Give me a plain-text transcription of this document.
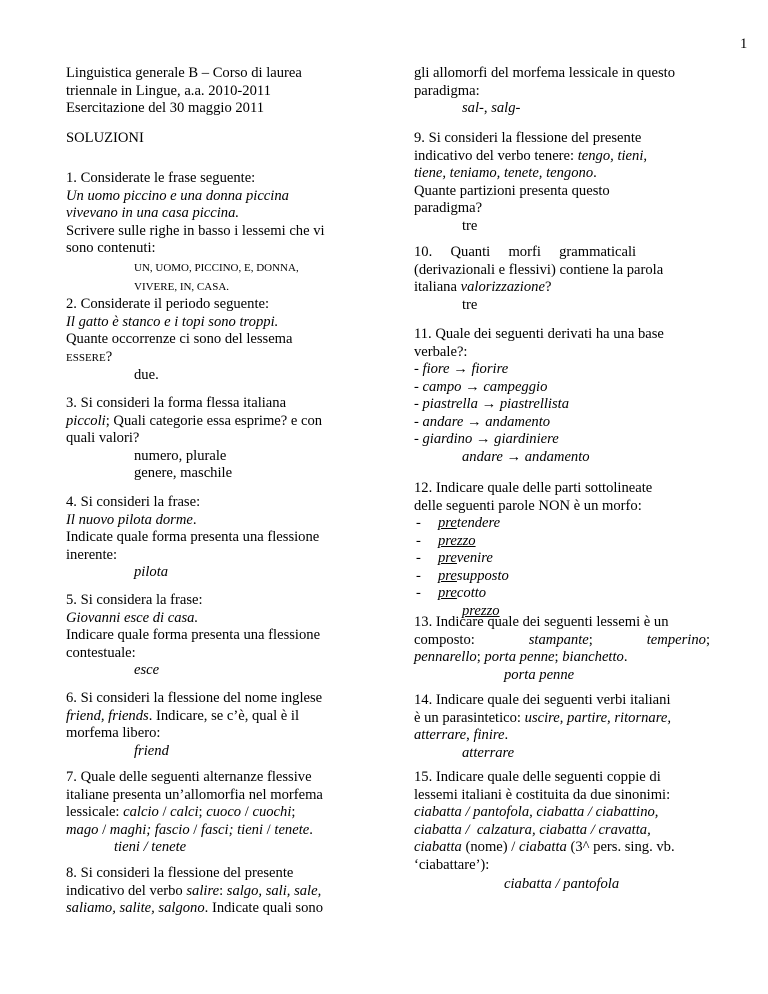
1
Linguistica generale B – Corso di laurea
triennale in Lingue, a.a. 2010-2011
Esercitazione del 30 maggio 2011
SOLUZIONI
1. Considerate le frase seguente:
Un uomo piccino e una donna piccina
vivevano in una casa piccina.
Scrivere sulle righe in basso i lessemi che vi
sono contenuti:
UN, UOMO, PICCINO, E, DONNA,
VIVERE, IN, CASA.
2. Considerate il periodo seguente:
Il gatto è stanco e i topi sono troppi.
Quante occorrenze ci sono del lessema
ESSERE?
due.
3. Si consideri la forma flessa italiana
piccoli; Quali categorie essa esprime? e con
quali valori?
numero, plurale
genere, maschile
4. Si consideri la frase:
Il nuovo pilota dorme.
Indicate quale forma presenta una flessione
inerente:
pilota
5. Si considera la frase:
Giovanni esce di casa.
Indicare quale forma presenta una flessione
contestuale:
esce
6. Si consideri la flessione del nome inglese
friend, friends. Indicare, se c’è, qual è il
morfema libero:
friend
7. Quale delle seguenti alternanze flessive
italiane presenta un’allomorfia nel morfema
lessicale: calcio / calci; cuoco / cuochi;
mago / maghi; fascio / fasci; tieni / tenete.
tieni / tenete
8. Si consideri la flessione del presente
indicativo del verbo salire: salgo, sali, sale,
saliamo, salite, salgono. Indicate quali sono
gli allomorfi del morfema lessicale in questo
paradigma:
sal-, salg-
9. Si consideri la flessione del presente
indicativo del verbo tenere: tengo, tieni,
tiene, teniamo, tenete, tengono.
Quante partizioni presenta questo
paradigma?
tre
10.     Quanti     morfi     grammaticali
(derivazionali e flessivi) contiene la parola
italiana valorizzazione?
tre
11. Quale dei seguenti derivati ha una base
verbale?:
- fiore → fiorire
- campo → campeggio
- piastrella → piastrellista
- andare → andamento
- giardino → giardiniere
andare → andamento
12. Indicare quale delle parti sottolineate
delle seguenti parole NON è un morfo:
- pretendere
- prezzo
- prevenire
- presupposto
- precotto
prezzo
13. Indicare quale dei seguenti lessemi è un
composto:	stampante;	temperino;
pennarello; porta penne; bianchetto.
porta penne
14. Indicare quale dei seguenti verbi italiani
è un parasintetico: uscire, partire, ritornare,
atterrare, finire.
atterrare
15. Indicare quale delle seguenti coppie di
lessemi italiani è costituita da due sinonimi:
ciabatta / pantofola, ciabatta / ciabattino,
ciabatta /  calzatura, ciabatta / cravatta,
ciabatta (nome) / ciabatta (3^ pers. sing. vb.
‘ciabattare’):
ciabatta / pantofola
